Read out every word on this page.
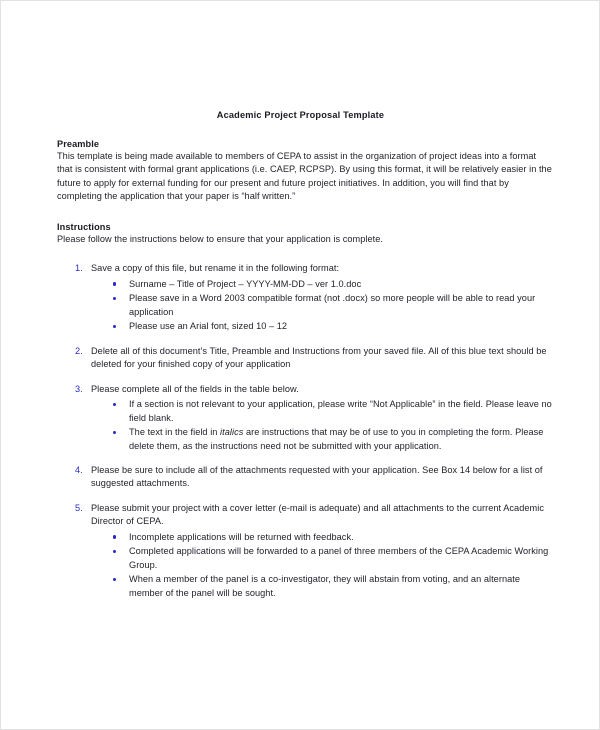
Academic Project Proposal Template
Preamble

This template is being made available to members of CEPA to assist in the organization of project ideas into a format that is consistent with formal grant applications (i.e. CAEP, RCPSP). By using this format, it will be relatively easier in the future to apply for external funding for our present and future project initiatives. In addition, you will find that by completing the application that your paper is “half written.”

Instructions

Please follow the instructions below to ensure that your application is complete.

1. Save a copy of this file, but rename it in the following format:
Surname – Title of Project – YYYY-MM-DD – ver 1.0.doc
Please save in a Word 2003 compatible format (not .docx) so more people will be able to read your application
Please use an Arial font, sized 10 – 12
2. Delete all of this document’s Title, Preamble and Instructions from your saved file. All of this blue text should be deleted for your finished copy of your application
3. Please complete all of the fields in the table below.
If a section is not relevant to your application, please write “Not Applicable” in the field. Please leave no field blank.
The text in the field in italics are instructions that may be of use to you in completing the form. Please delete them, as the instructions need not be submitted with your application.
4. Please be sure to include all of the attachments requested with your application. See Box 14 below for a list of suggested attachments.
5. Please submit your project with a cover letter (e-mail is adequate) and all attachments to the current Academic Director of CEPA.
Incomplete applications will be returned with feedback.
Completed applications will be forwarded to a panel of three members of the CEPA Academic Working Group.
When a member of the panel is a co-investigator, they will abstain from voting, and an alternate member of the panel will be sought.
